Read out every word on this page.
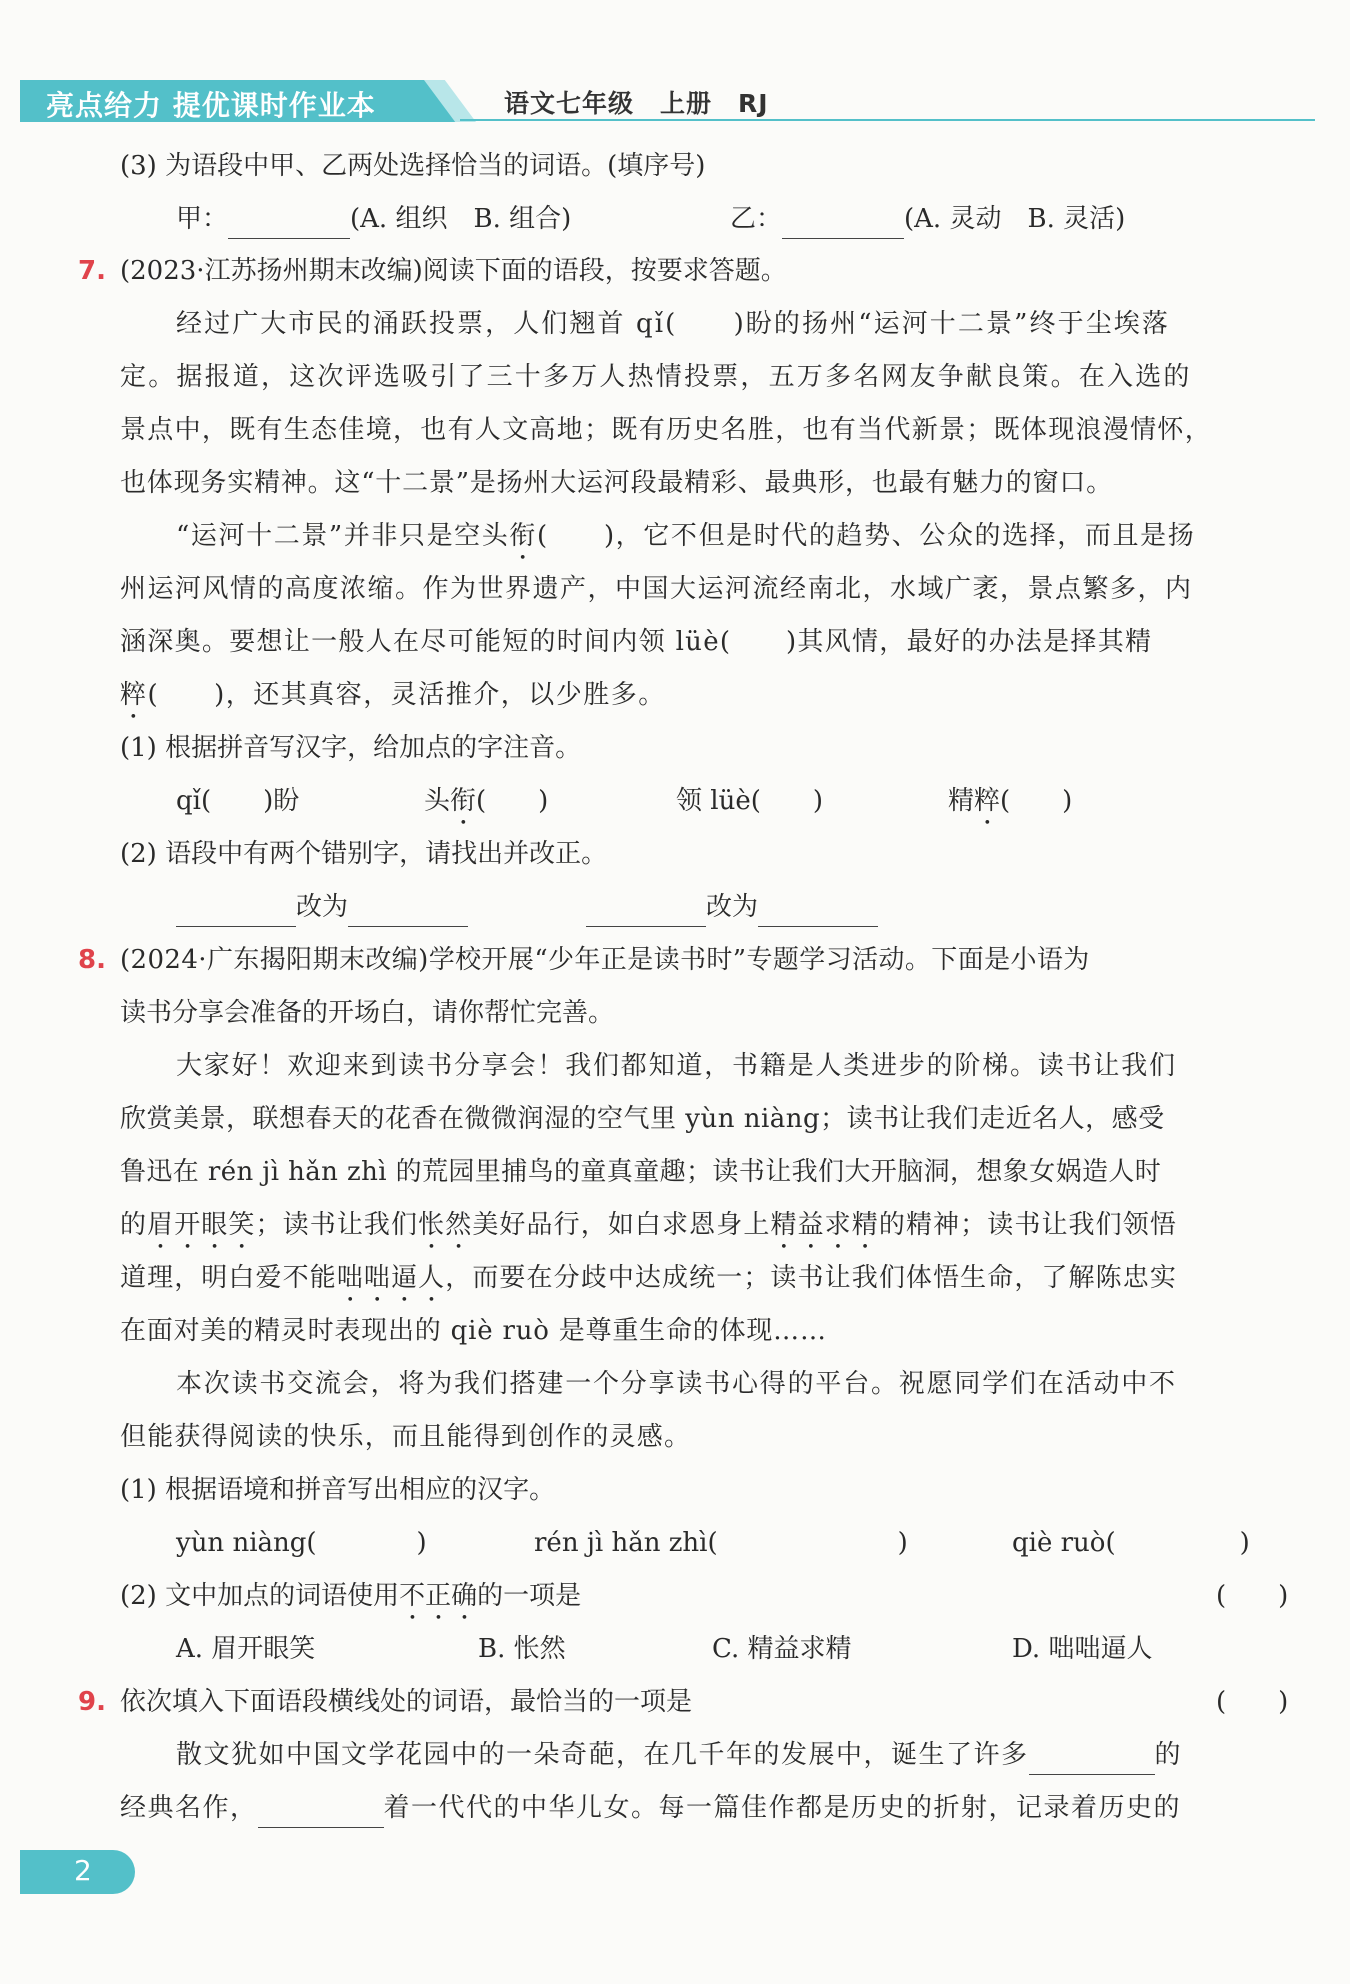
亮点给力 提优课时作业本	语文七年级　上册　RJ
(3) 为语段中甲、乙两处选择恰当的词语。(填序号)
甲：	(A. 组织　B. 组合)	乙：	(A. 灵动　B. 灵活)
7. (2023·江苏扬州期末改编)阅读下面的语段，按要求答题。
经过广大市民的涌跃投票，人们翘首 qǐ(　　)盼的扬州“运河十二景”终于尘埃落
定。据报道，这次评选吸引了三十多万人热情投票，五万多名网友争献良策。在入选的
景点中，既有生态佳境，也有人文高地；既有历史名胜，也有当代新景；既体现浪漫情怀，
也体现务实精神。这“十二景”是扬州大运河段最精彩、最典形，也最有魅力的窗口。
“运河十二景”并非只是空头衔(　　)，它不但是时代的趋势、公众的选择，而且是扬
州运河风情的高度浓缩。作为世界遗产，中国大运河流经南北，水域广袤，景点繁多，内
涵深奥。要想让一般人在尽可能短的时间内领 lüè(　　)其风情，最好的办法是择其精
粹(　　)，还其真容，灵活推介，以少胜多。
(1) 根据拼音写汉字，给加点的字注音。
qǐ(　　)盼	头衔(　　)	领 lüè(　　)	精粹(　　)
(2) 语段中有两个错别字，请找出并改正。
改为	改为
8. (2024·广东揭阳期末改编)学校开展“少年正是读书时”专题学习活动。下面是小语为
读书分享会准备的开场白，请你帮忙完善。
大家好！欢迎来到读书分享会！我们都知道，书籍是人类进步的阶梯。读书让我们
欣赏美景，联想春天的花香在微微润湿的空气里 yùn niàng；读书让我们走近名人，感受
鲁迅在 rén jì hǎn zhì 的荒园里捕鸟的童真童趣；读书让我们大开脑洞，想象女娲造人时
的眉开眼笑；读书让我们怅然美好品行，如白求恩身上精益求精的精神；读书让我们领悟
道理，明白爱不能咄咄逼人，而要在分歧中达成统一；读书让我们体悟生命，了解陈忠实
在面对美的精灵时表现出的 qiè ruò 是尊重生命的体现……
本次读书交流会，将为我们搭建一个分享读书心得的平台。祝愿同学们在活动中不
但能获得阅读的快乐，而且能得到创作的灵感。
(1) 根据语境和拼音写出相应的汉字。
yùn niàng(	)	rén jì hǎn zhì(	)	qiè ruò(	)
(2) 文中加点的词语使用不正确的一项是	(　　)
A. 眉开眼笑	B. 怅然	C. 精益求精	D. 咄咄逼人
9. 依次填入下面语段横线处的词语，最恰当的一项是	(　　)
散文犹如中国文学花园中的一朵奇葩，在几千年的发展中，诞生了许多	的
经典名作，	着一代代的中华儿女。每一篇佳作都是历史的折射，记录着历史的
2
